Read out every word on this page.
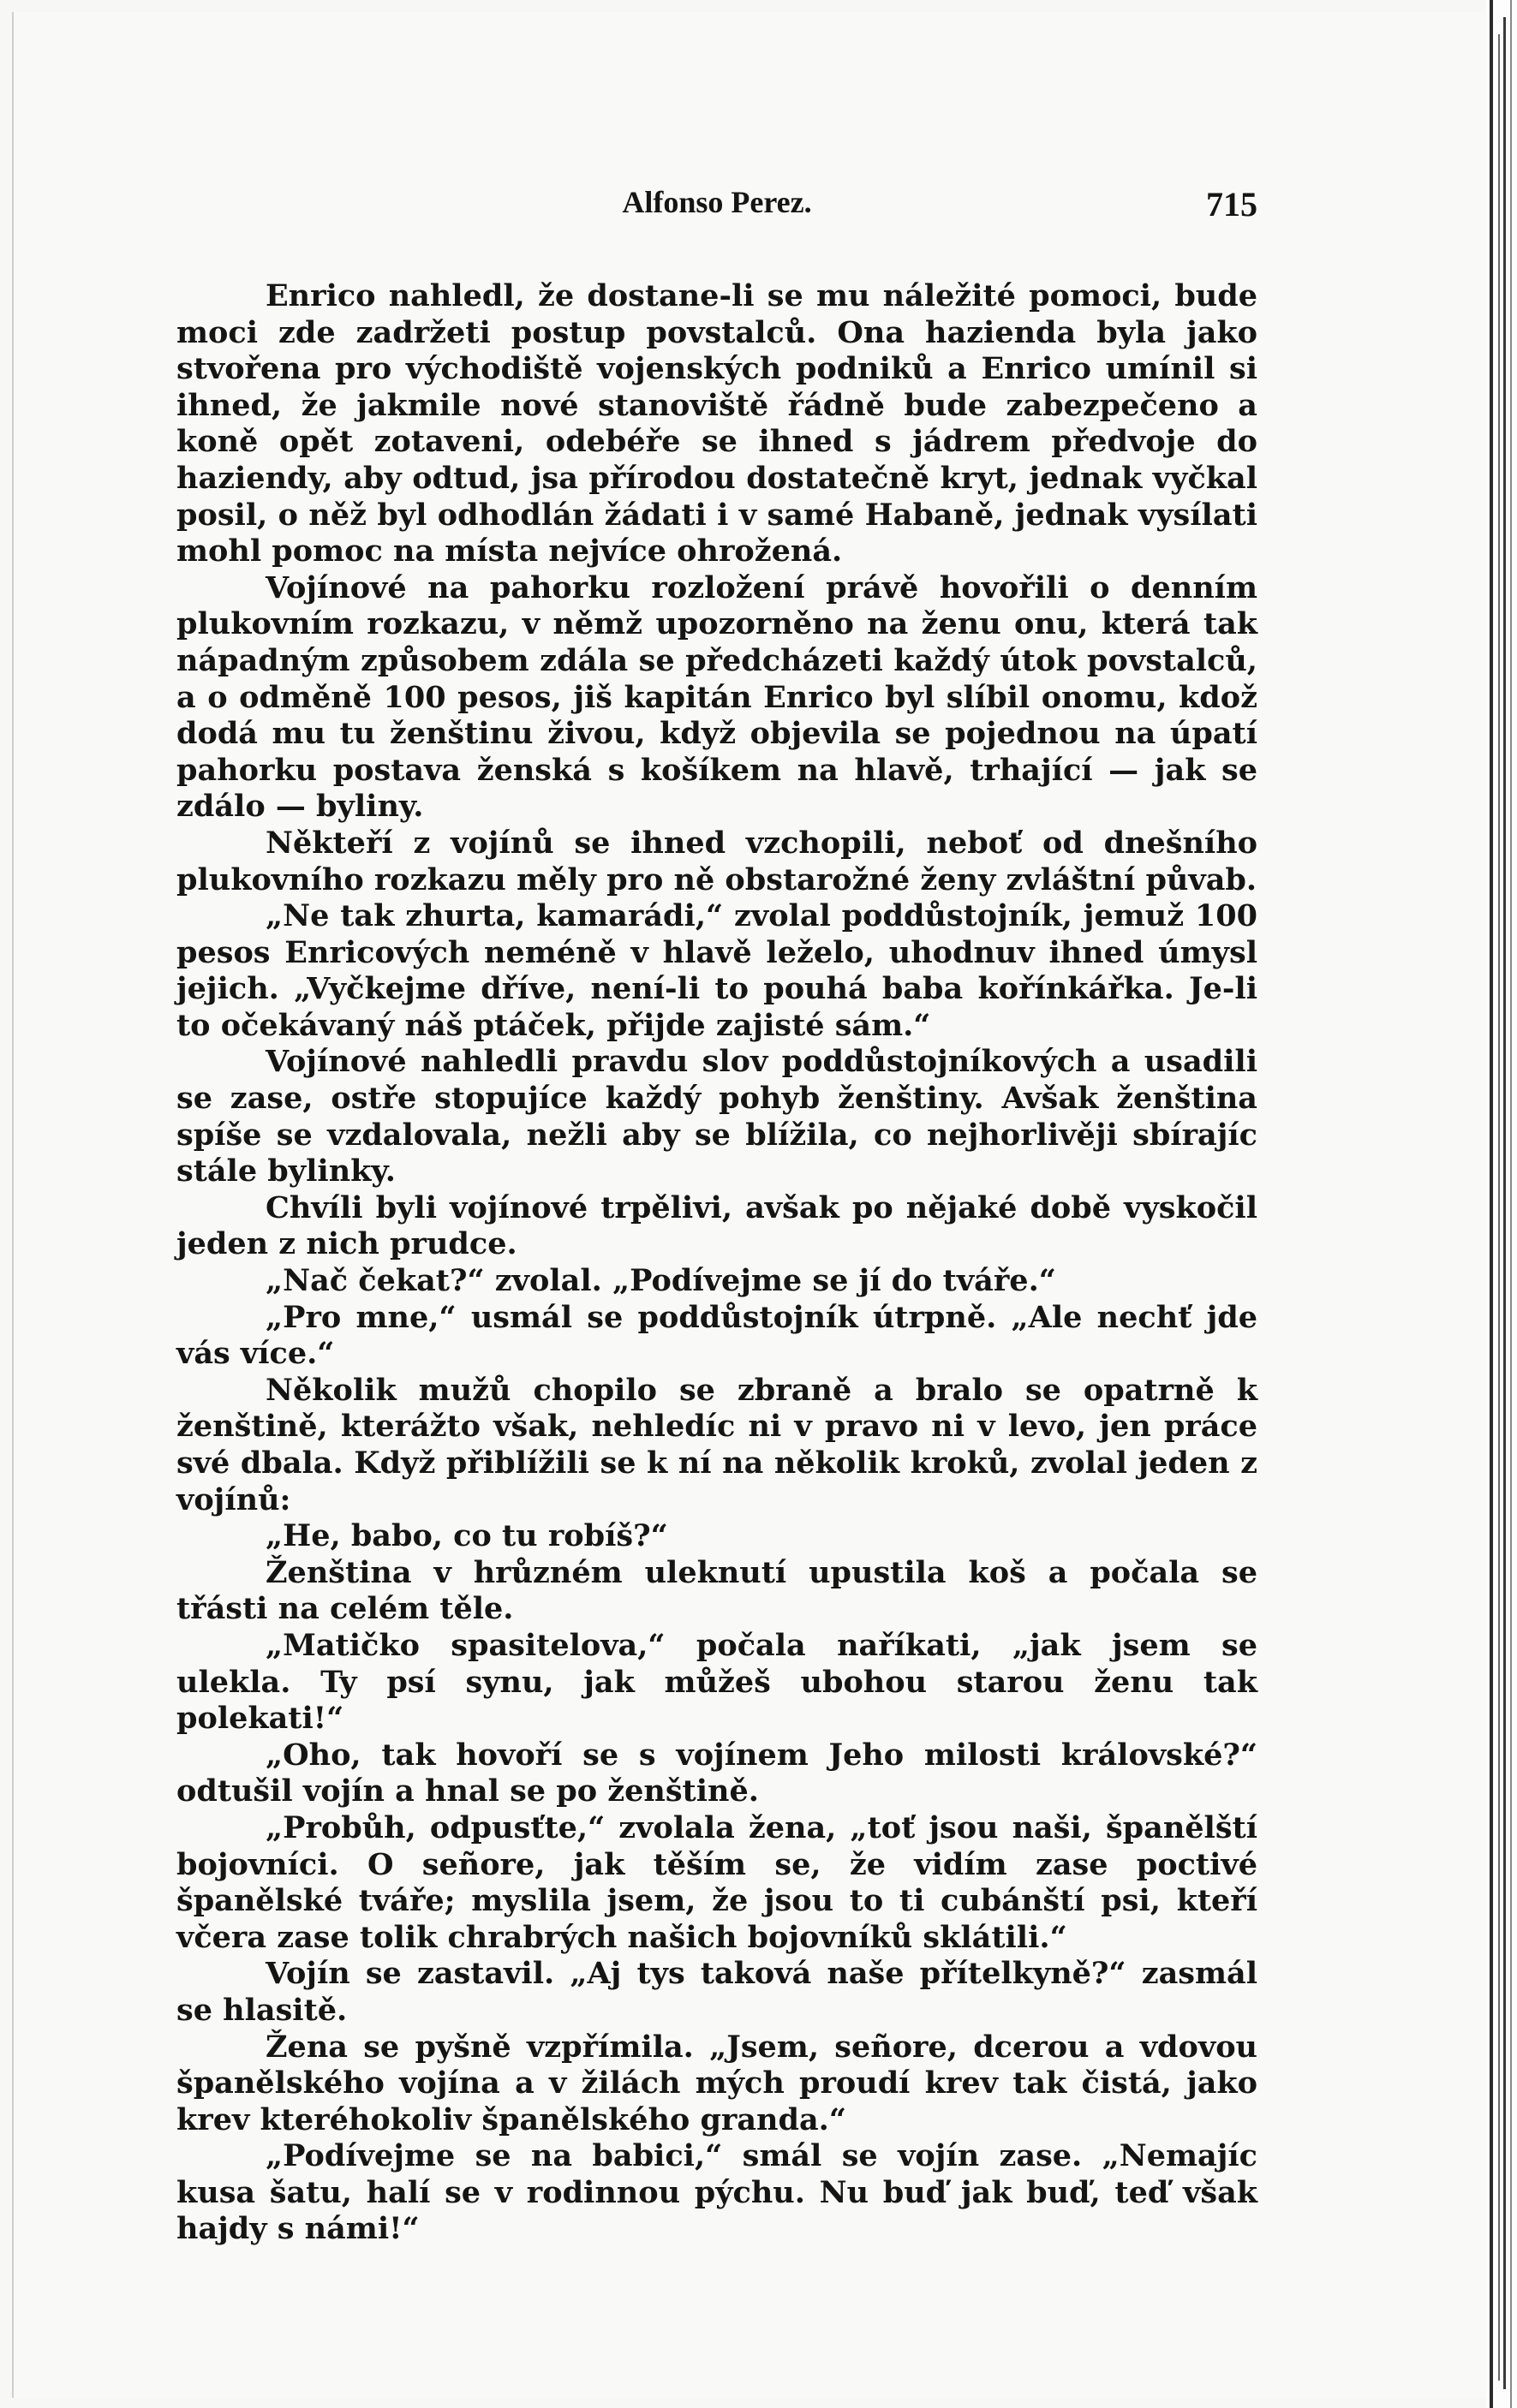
Alfonso Perez.	715

Enrico nahledl, že dostane-li se mu náležité pomoci, bude moci zde zadržeti postup povstalců. Ona hazienda byla jako stvořena pro východiště vojenských podniků a Enrico umínil si ihned, že jakmile nové stanoviště řádně bude zabezpečeno a koně opět zotaveni, odebéře se ihned s jádrem předvoje do haziendy, aby odtud, jsa přírodou dostatečně kryt, jednak vyčkal posil, o něž byl odhodlán žádati i v samé Habaně, jednak vysílati mohl pomoc na místa nejvíce ohrožená.

Vojínové na pahorku rozložení právě hovořili o denním plukovním rozkazu, v němž upozorněno na ženu onu, která tak nápadným způsobem zdála se předcházeti každý útok povstalců, a o odměně 100 pesos, jiš kapitán Enrico byl slíbil onomu, kdož dodá mu tu ženštinu živou, když objevila se pojednou na úpatí pahorku postava ženská s košíkem na hlavě, trhající — jak se zdálo — byliny.

Někteří z vojínů se ihned vzchopili, neboť od dnešního plukovního rozkazu měly pro ně obstarožné ženy zvláštní půvab.

„Ne tak zhurta, kamarádi,“ zvolal poddůstojník, jemuž 100 pesos Enricových neméně v hlavě leželo, uhodnuv ihned úmysl jejich. „Vyčkejme dříve, není-li to pouhá baba kořínkářka. Je-li to očekávaný náš ptáček, přijde zajisté sám.“

Vojínové nahledli pravdu slov poddůstojníkových a usadili se zase, ostře stopujíce každý pohyb ženštiny. Avšak ženština spíše se vzdalovala, nežli aby se blížila, co nejhorlivěji sbírajíc stále bylinky.

Chvíli byli vojínové trpělivi, avšak po nějaké době vyskočil jeden z nich prudce.

„Nač čekat?“ zvolal. „Podívejme se jí do tváře.“

„Pro mne,“ usmál se poddůstojník útrpně. „Ale nechť jde vás více.“

Několik mužů chopilo se zbraně a bralo se opatrně k ženštině, kterážto však, nehledíc ni v pravo ni v levo, jen práce své dbala. Když přiblížili se k ní na několik kroků, zvolal jeden z vojínů:

„He, babo, co tu robíš?“

Ženština v hrůzném uleknutí upustila koš a počala se třásti na celém těle.

„Matičko spasitelova,“ počala naříkati, „jak jsem se ulekla. Ty psí synu, jak můžeš ubohou starou ženu tak polekati!“

„Oho, tak hovoří se s vojínem Jeho milosti královské?“ odtušil vojín a hnal se po ženštině.

„Probůh, odpusťte,“ zvolala žena, „toť jsou naši, španělští bojovníci. O señore, jak těším se, že vidím zase poctivé španělské tváře; myslila jsem, že jsou to ti cubánští psi, kteří včera zase tolik chrabrých našich bojovníků sklátili.“

Vojín se zastavil. „Aj tys taková naše přítelkyně?“ zasmál se hlasitě.

Žena se pyšně vzpřímila. „Jsem, señore, dcerou a vdovou španělského vojína a v žilách mých proudí krev tak čistá, jako krev kteréhokoliv španělského granda.“

„Podívejme se na babici,“ smál se vojín zase. „Nemajíc kusa šatu, halí se v rodinnou pýchu. Nu buď jak buď, teď však hajdy s námi!“
